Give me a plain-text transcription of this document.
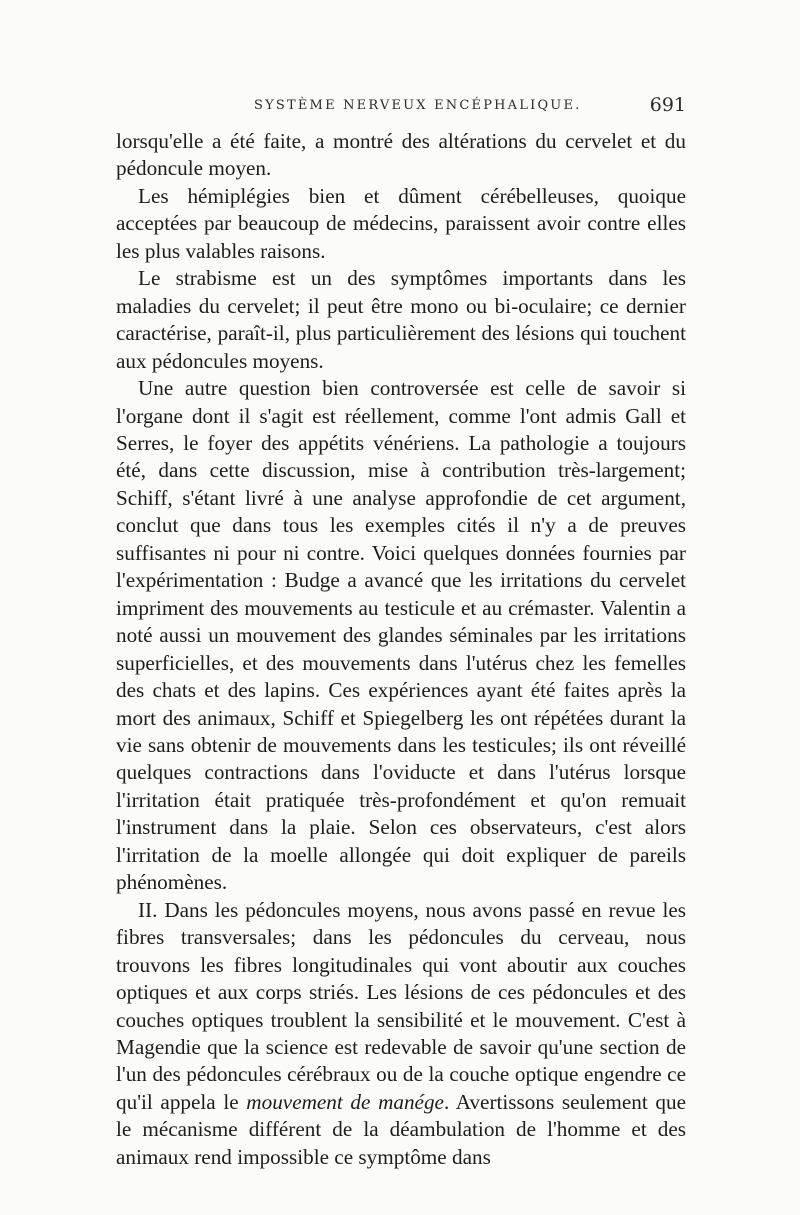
SYSTÈME NERVEUX ENCÉPHALIQUE.	691

lorsqu'elle a été faite, a montré des altérations du cervelet et du pédoncule moyen.

Les hémiplégies bien et dûment cérébelleuses, quoique acceptées par beaucoup de médecins, paraissent avoir contre elles les plus valables raisons.

Le strabisme est un des symptômes importants dans les maladies du cervelet; il peut être mono ou bi-oculaire; ce dernier caractérise, paraît-il, plus particulièrement des lésions qui touchent aux pédoncules moyens.

Une autre question bien controversée est celle de savoir si l'organe dont il s'agit est réellement, comme l'ont admis Gall et Serres, le foyer des appétits vénériens. La pathologie a toujours été, dans cette discussion, mise à contribution très-largement; Schiff, s'étant livré à une analyse approfondie de cet argument, conclut que dans tous les exemples cités il n'y a de preuves suffisantes ni pour ni contre. Voici quelques données fournies par l'expérimentation : Budge a avancé que les irritations du cervelet impriment des mouvements au testicule et au crémaster. Valentin a noté aussi un mouvement des glandes séminales par les irritations superficielles, et des mouvements dans l'utérus chez les femelles des chats et des lapins. Ces expériences ayant été faites après la mort des animaux, Schiff et Spiegelberg les ont répétées durant la vie sans obtenir de mouvements dans les testicules; ils ont réveillé quelques contractions dans l'oviducte et dans l'utérus lorsque l'irritation était pratiquée très-profondément et qu'on remuait l'instrument dans la plaie. Selon ces observateurs, c'est alors l'irritation de la moelle allongée qui doit expliquer de pareils phénomènes.

II. Dans les pédoncules moyens, nous avons passé en revue les fibres transversales; dans les pédoncules du cerveau, nous trouvons les fibres longitudinales qui vont aboutir aux couches optiques et aux corps striés. Les lésions de ces pédoncules et des couches optiques troublent la sensibilité et le mouvement. C'est à Magendie que la science est redevable de savoir qu'une section de l'un des pédoncules cérébraux ou de la couche optique engendre ce qu'il appela le mouvement de manége. Avertissons seulement que le mécanisme différent de la déambulation de l'homme et des animaux rend impossible ce symptôme dans
